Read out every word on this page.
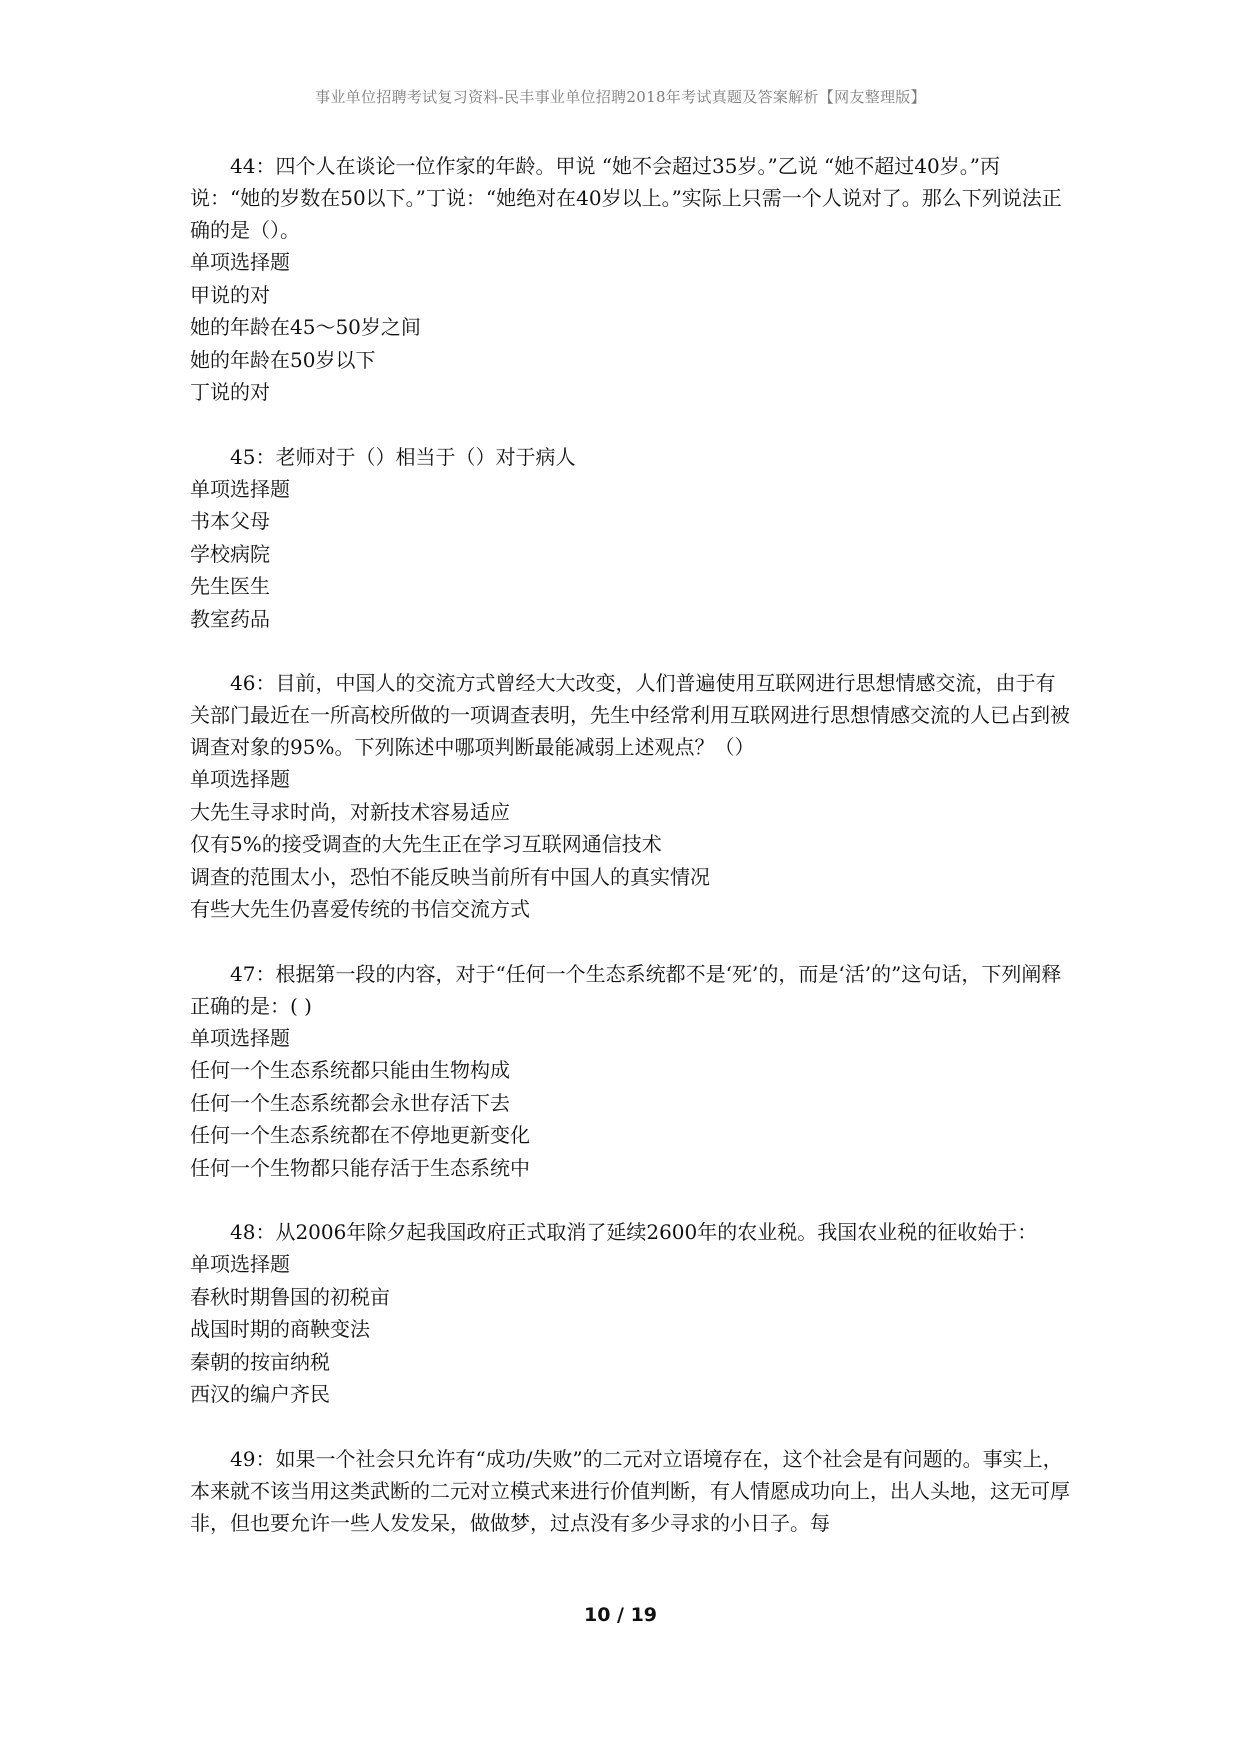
事业单位招聘考试复习资料-民丰事业单位招聘2018年考试真题及答案解析【网友整理版】

44：四个人在谈论一位作家的年龄。甲说 “她不会超过35岁。”乙说 “她不超过40岁。”丙说：“她的岁数在50以下。”丁说：“她绝对在40岁以上。”实际上只需一个人说对了。那么下列说法正确的是（）。

单项选择题

甲说的对

她的年龄在45～50岁之间

她的年龄在50岁以下

丁说的对

45：老师对于（）相当于（）对于病人

单项选择题

书本父母

学校病院

先生医生

教室药品

46：目前，中国人的交流方式曾经大大改变，人们普遍使用互联网进行思想情感交流，由于有关部门最近在一所高校所做的一项调查表明，先生中经常利用互联网进行思想情感交流的人已占到被调查对象的95%。下列陈述中哪项判断最能减弱上述观点？（）

单项选择题

大先生寻求时尚，对新技术容易适应

仅有5%的接受调查的大先生正在学习互联网通信技术

调查的范围太小，恐怕不能反映当前所有中国人的真实情况

有些大先生仍喜爱传统的书信交流方式

47：根据第一段的内容，对于“任何一个生态系统都不是‘死’的，而是‘活’的”这句话，下列阐释正确的是：( )

单项选择题

任何一个生态系统都只能由生物构成

任何一个生态系统都会永世存活下去

任何一个生态系统都在不停地更新变化

任何一个生物都只能存活于生态系统中

48：从2006年除夕起我国政府正式取消了延续2600年的农业税。我国农业税的征收始于：

单项选择题

春秋时期鲁国的初税亩

战国时期的商鞅变法

秦朝的按亩纳税

西汉的编户齐民

49：如果一个社会只允许有“成功/失败”的二元对立语境存在，这个社会是有问题的。事实上，本来就不该当用这类武断的二元对立模式来进行价值判断，有人情愿成功向上，出人头地，这无可厚非，但也要允许一些人发发呆，做做梦，过点没有多少寻求的小日子。每

10 / 19
